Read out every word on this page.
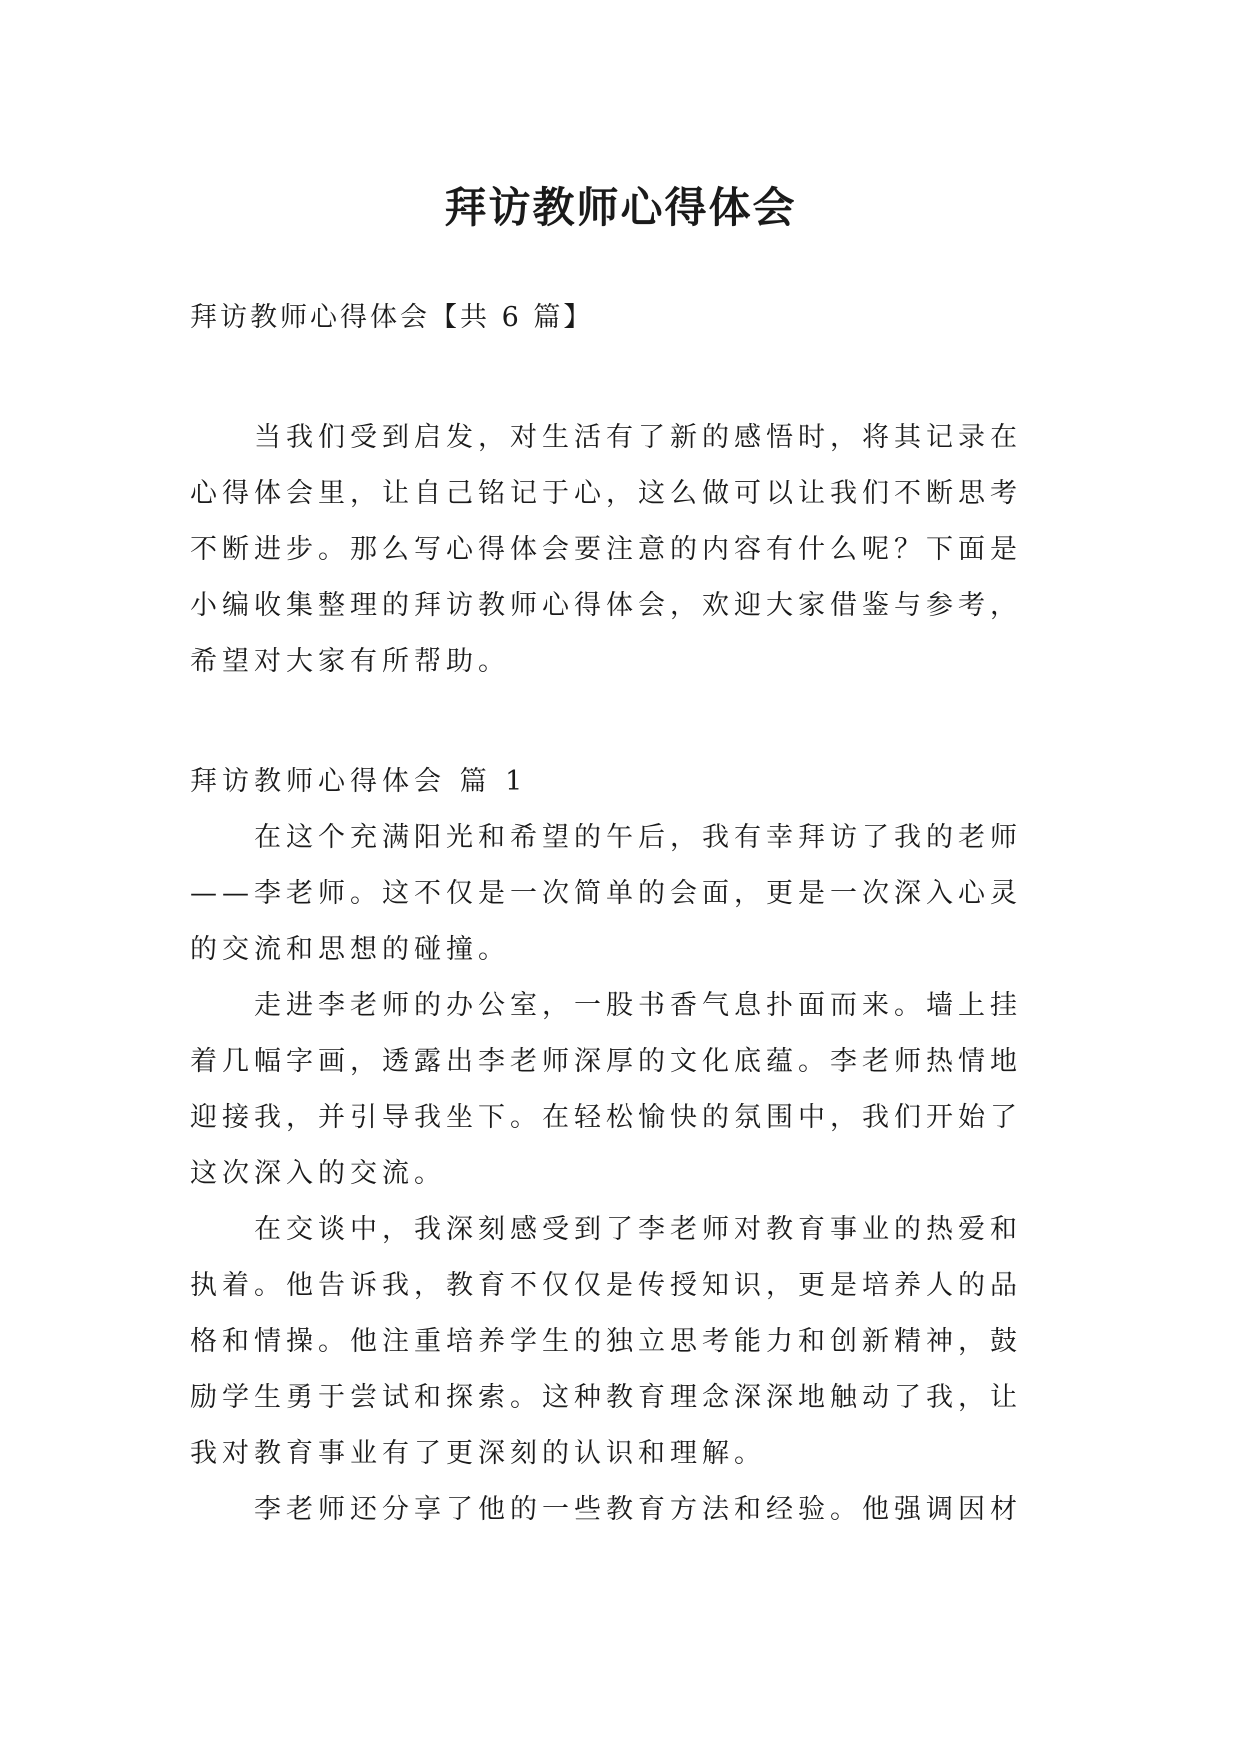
拜访教师心得体会

拜访教师心得体会【共 6 篇】

当我们受到启发，对生活有了新的感悟时，将其记录在心得体会里，让自己铭记于心，这么做可以让我们不断思考不断进步。那么写心得体会要注意的内容有什么呢？下面是小编收集整理的拜访教师心得体会，欢迎大家借鉴与参考，希望对大家有所帮助。

拜访教师心得体会 篇 1

在这个充满阳光和希望的午后，我有幸拜访了我的老师——李老师。这不仅是一次简单的会面，更是一次深入心灵的交流和思想的碰撞。

走进李老师的办公室，一股书香气息扑面而来。墙上挂着几幅字画，透露出李老师深厚的文化底蕴。李老师热情地迎接我，并引导我坐下。在轻松愉快的氛围中，我们开始了这次深入的交流。

在交谈中，我深刻感受到了李老师对教育事业的热爱和执着。他告诉我，教育不仅仅是传授知识，更是培养人的品格和情操。他注重培养学生的独立思考能力和创新精神，鼓励学生勇于尝试和探索。这种教育理念深深地触动了我，让我对教育事业有了更深刻的认识和理解。

李老师还分享了他的一些教育方法和经验。他强调因材
